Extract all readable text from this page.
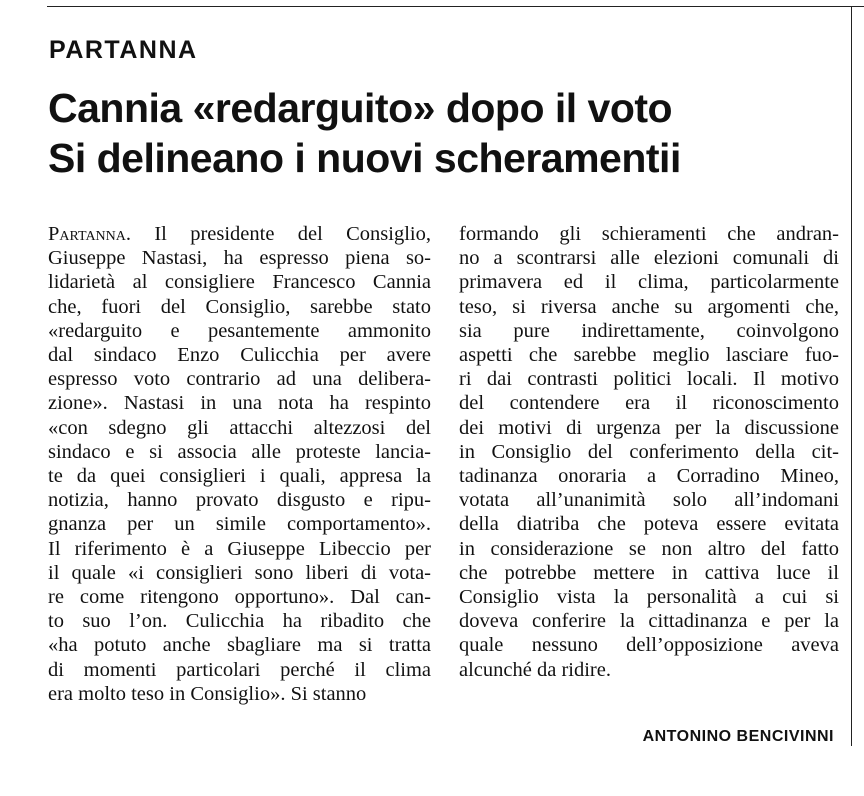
PARTANNA
Cannia «redarguito» dopo il voto
Si delineano i nuovi scheramentii
Partanna. Il presidente del Consiglio,
Giuseppe Nastasi, ha espresso piena so-
lidarietà al consigliere Francesco Cannia
che, fuori del Consiglio, sarebbe stato
«redarguito e pesantemente ammonito
dal sindaco Enzo Culicchia per avere
espresso voto contrario ad una delibera-
zione». Nastasi in una nota ha respinto
«con sdegno gli attacchi altezzosi del
sindaco e si associa alle proteste lancia-
te da quei consiglieri i quali, appresa la
notizia, hanno provato disgusto e ripu-
gnanza per un simile comportamento».
Il riferimento è a Giuseppe Libeccio per
il quale «i consiglieri sono liberi di vota-
re come ritengono opportuno». Dal can-
to suo l’on. Culicchia ha ribadito che
«ha potuto anche sbagliare ma si tratta
di momenti particolari perché il clima
era molto teso in Consiglio». Si stanno
formando gli schieramenti che andran-
no a scontrarsi alle elezioni comunali di
primavera ed il clima, particolarmente
teso, si riversa anche su argomenti che,
sia pure indirettamente, coinvolgono
aspetti che sarebbe meglio lasciare fuo-
ri dai contrasti politici locali. Il motivo
del contendere era il riconoscimento
dei motivi di urgenza per la discussione
in Consiglio del conferimento della cit-
tadinanza onoraria a Corradino Mineo,
votata all’unanimità solo all’indomani
della diatriba che poteva essere evitata
in considerazione se non altro del fatto
che potrebbe mettere in cattiva luce il
Consiglio vista la personalità a cui si
doveva conferire la cittadinanza e per la
quale nessuno dell’opposizione aveva
alcunché da ridire.
ANTONINO BENCIVINNI
